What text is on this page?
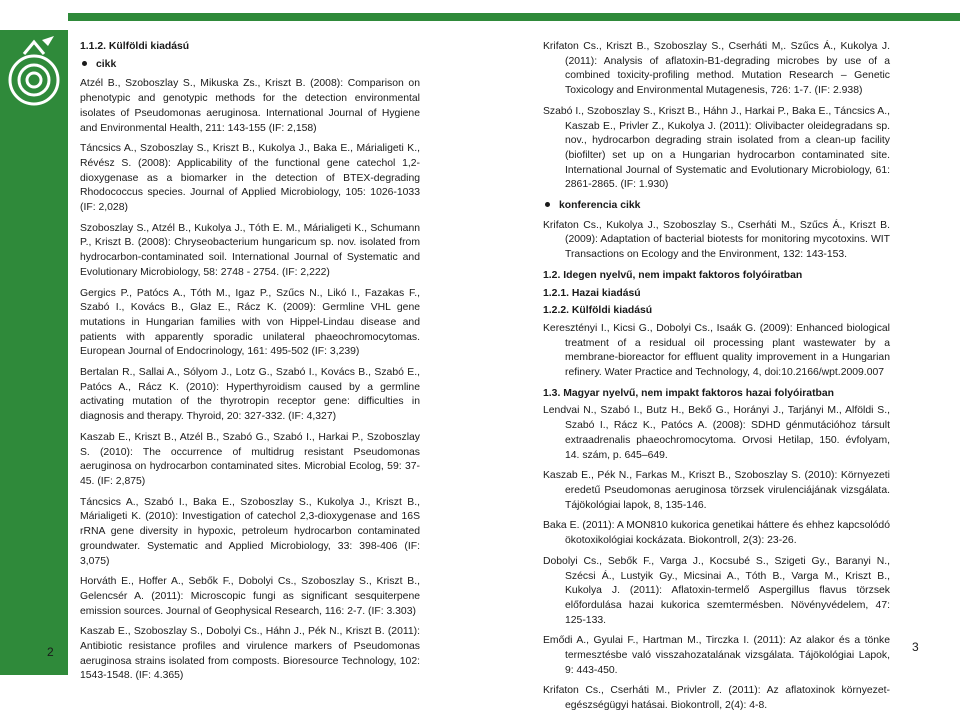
2	3
1.1.2. Külföldi kiadású
cikk
Atzél B., Szoboszlay S., Mikuska Zs., Kriszt B. (2008): Comparison on phenotypic and genotypic methods for the detection environmental isolates of Pseudomonas aeruginosa. International Journal of Hygiene and Environmental Health, 211: 143-155 (IF: 2,158)
Táncsics A., Szoboszlay S., Kriszt B., Kukolya J., Baka E., Márialigeti K., Révész S. (2008): Applicability of the functional gene catechol 1,2-dioxygenase as a biomarker in the detection of BTEX-degrading Rhodococcus species. Journal of Applied Microbiology, 105: 1026-1033 (IF: 2,028)
Szoboszlay S., Atzél B., Kukolya J., Tóth E. M., Márialigeti K., Schumann P., Kriszt B. (2008): Chryseobacterium hungaricum sp. nov. isolated from hydrocarbon-contaminated soil. International Journal of Systematic and Evolutionary Microbiology, 58: 2748 - 2754. (IF: 2,222)
Gergics P., Patócs A., Tóth M., Igaz P., Szűcs N., Likó I., Fazakas F., Szabó I., Kovács B., Glaz E., Rácz K. (2009): Germline VHL gene mutations in Hungarian families with von Hippel-Lindau disease and patients with apparently sporadic unilateral phaeochromocytomas. European Journal of Endocrinology, 161: 495-502 (IF: 3,239)
Bertalan R., Sallai A., Sólyom J., Lotz G., Szabó I., Kovács B., Szabó E., Patócs A., Rácz K. (2010): Hyperthyroidism caused by a germline activating mutation of the thyrotropin receptor gene: difficulties in diagnosis and therapy. Thyroid, 20: 327-332. (IF: 4,327)
Kaszab E., Kriszt B., Atzél B., Szabó G., Szabó I., Harkai P., Szoboszlay S. (2010): The occurrence of multidrug resistant Pseudomonas aeruginosa on hydrocarbon contaminated sites. Microbial Ecolog, 59: 37-45. (IF: 2,875)
Táncsics A., Szabó I., Baka E., Szoboszlay S., Kukolya J., Kriszt B., Márialigeti K. (2010): Investigation of catechol 2,3-dioxygenase and 16S rRNA gene diversity in hypoxic, petroleum hydrocarbon contaminated groundwater. Systematic and Applied Microbiology, 33: 398-406 (IF: 3,075)
Horváth E., Hoffer A., Sebők F., Dobolyi Cs., Szoboszlay S., Kriszt B., Gelencsér A. (2011): Microscopic fungi as significant sesquiterpene emission sources. Journal of Geophysical Research, 116: 2-7. (IF: 3.303)
Kaszab E., Szoboszlay S., Dobolyi Cs., Háhn J., Pék N., Kriszt B. (2011): Antibiotic resistance profiles and virulence markers of Pseudomonas aeruginosa strains isolated from composts. Bioresource Technology, 102: 1543-1548. (IF: 4.365)
Krifaton Cs., Kriszt B., Szoboszlay S., Cserháti M,. Szűcs Á., Kukolya J. (2011): Analysis of aflatoxin-B1-degrading microbes by use of a combined toxicity-profiling method. Mutation Research – Genetic Toxicology and Environmental Mutagenesis, 726: 1-7. (IF: 2.938)
Szabó I., Szoboszlay S., Kriszt B., Háhn J., Harkai P., Baka E., Táncsics A., Kaszab E., Privler Z., Kukolya J. (2011): Olivibacter oleidegradans sp. nov., hydrocarbon degrading strain isolated from a clean-up facility (biofilter) set up on a Hungarian hydrocarbon contaminated site. International Journal of Systematic and Evolutionary Microbiology, 61: 2861-2865. (IF: 1.930)
konferencia cikk
Krifaton Cs., Kukolya J., Szoboszlay S., Cserháti M., Szűcs Á., Kriszt B. (2009): Adaptation of bacterial biotests for monitoring mycotoxins. WIT Transactions on Ecology and the Environment, 132: 143-153.
1.2. Idegen nyelvű, nem impakt faktoros folyóiratban
1.2.1. Hazai kiadású
1.2.2. Külföldi kiadású
Keresztényi I., Kicsi G., Dobolyi Cs., Isaák G. (2009): Enhanced biological treatment of a residual oil processing plant wastewater by a membrane-bioreactor for effluent quality improvement in a Hungarian refinery. Water Practice and Technology, 4, doi:10.2166/wpt.2009.007
1.3. Magyar nyelvű, nem impakt faktoros hazai folyóiratban
Lendvai N., Szabó I., Butz H., Bekő G., Horányi J., Tarjányi M., Alföldi S., Szabó I., Rácz K., Patócs A. (2008): SDHD génmutációhoz társult extraadrenalis phaeochromocytoma. Orvosi Hetilap, 150. évfolyam, 14. szám, p. 645–649.
Kaszab E., Pék N., Farkas M., Kriszt B., Szoboszlay S. (2010): Környezeti eredetű Pseudomonas aeruginosa törzsek virulenciájának vizsgálata. Tájökológiai lapok, 8, 135-146.
Baka E. (2011): A MON810 kukorica genetikai háttere és ehhez kapcsolódó ökotoxikológiai kockázata. Biokontroll, 2(3): 23-26.
Dobolyi Cs., Sebők F., Varga J., Kocsubé S., Szigeti Gy., Baranyi N., Szécsi Á., Lustyik Gy., Micsinai A., Tóth B., Varga M., Kriszt B., Kukolya J. (2011): Aflatoxin-termelő Aspergillus flavus törzsek előfordulása hazai kukorica szemtermésben. Növényvédelem, 47: 125-133.
Emődi A., Gyulai F., Hartman M., Tirczka I. (2011): Az alakor és a tönke termesztésbe való visszahozatalának vizsgálata. Tájökológiai Lapok, 9: 443-450.
Krifaton Cs., Cserháti M., Privler Z. (2011): Az aflatoxinok környezet-egészségügyi hatásai. Biokontroll, 2(4): 4-8.
